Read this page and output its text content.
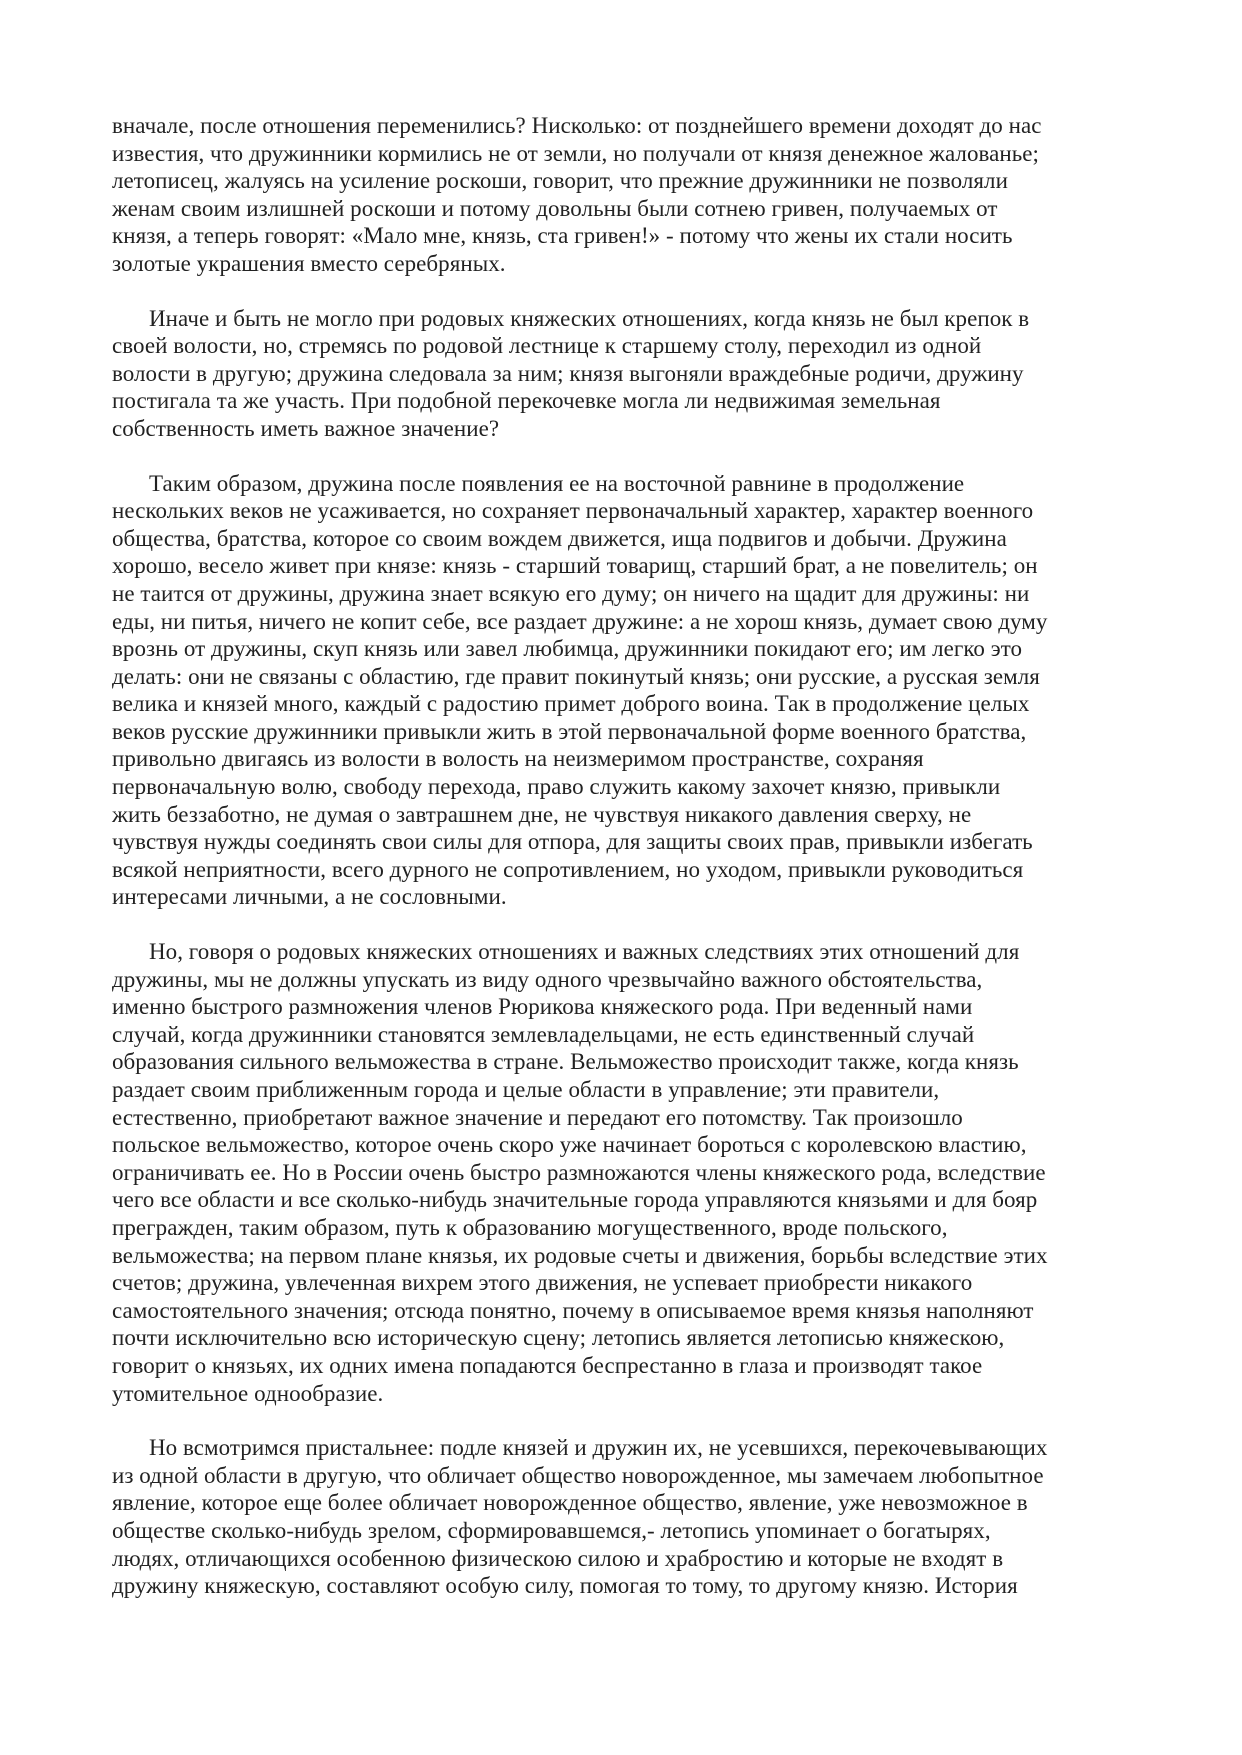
вначале, после отношения переменились? Нисколько: от позднейшего времени доходят до нас
известия, что дружинники кормились не от земли, но получали от князя денежное жалованье;
летописец, жалуясь на усиление роскоши, говорит, что прежние дружинники не позволяли
женам своим излишней роскоши и потому довольны были сотнею гривен, получаемых от
князя, а теперь говорят: «Мало мне, князь, ста гривен!» - потому что жены их стали носить
золотые украшения вместо серебряных.

Иначе и быть не могло при родовых княжеских отношениях, когда князь не был крепок в
своей волости, но, стремясь по родовой лестнице к старшему столу, переходил из одной
волости в другую; дружина следовала за ним; князя выгоняли враждебные родичи, дружину
постигала та же участь. При подобной перекочевке могла ли недвижимая земельная
собственность иметь важное значение?

Таким образом, дружина после появления ее на восточной равнине в продолжение
нескольких веков не усаживается, но сохраняет первоначальный характер, характер военного
общества, братства, которое со своим вождем движется, ища подвигов и добычи. Дружина
хорошо, весело живет при князе: князь - старший товарищ, старший брат, а не повелитель; он
не таится от дружины, дружина знает всякую его думу; он ничего на щадит для дружины: ни
еды, ни питья, ничего не копит себе, все раздает дружине: а не хорош князь, думает свою думу
врознь от дружины, скуп князь или завел любимца, дружинники покидают его; им легко это
делать: они не связаны с областию, где правит покинутый князь; они русские, а русская земля
велика и князей много, каждый с радостию примет доброго воина. Так в продолжение целых
веков русские дружинники привыкли жить в этой первоначальной форме военного братства,
привольно двигаясь из волости в волость на неизмеримом пространстве, сохраняя
первоначальную волю, свободу перехода, право служить какому захочет князю, привыкли
жить беззаботно, не думая о завтрашнем дне, не чувствуя никакого давления сверху, не
чувствуя нужды соединять свои силы для отпора, для защиты своих прав, привыкли избегать
всякой неприятности, всего дурного не сопротивлением, но уходом, привыкли руководиться
интересами личными, а не сословными.

Но, говоря о родовых княжеских отношениях и важных следствиях этих отношений для
дружины, мы не должны упускать из виду одного чрезвычайно важного обстоятельства,
именно быстрого размножения членов Рюрикова княжеского рода. При веденный нами
случай, когда дружинники становятся землевладельцами, не есть единственный случай
образования сильного вельможества в стране. Вельможество происходит также, когда князь
раздает своим приближенным города и целые области в управление; эти правители,
естественно, приобретают важное значение и передают его потомству. Так произошло
польское вельможество, которое очень скоро уже начинает бороться с королевскою властию,
ограничивать ее. Но в России очень быстро размножаются члены княжеского рода, вследствие
чего все области и все сколько-нибудь значительные города управляются князьями и для бояр
прегражден, таким образом, путь к образованию могущественного, вроде польского,
вельможества; на первом плане князья, их родовые счеты и движения, борьбы вследствие этих
счетов; дружина, увлеченная вихрем этого движения, не успевает приобрести никакого
самостоятельного значения; отсюда понятно, почему в описываемое время князья наполняют
почти исключительно всю историческую сцену; летопись является летописью княжескою,
говорит о князьях, их одних имена попадаются беспрестанно в глаза и производят такое
утомительное однообразие.

Но всмотримся пристальнее: подле князей и дружин их, не усевшихся, перекочевывающих
из одной области в другую, что обличает общество новорожденное, мы замечаем любопытное
явление, которое еще более обличает новорожденное общество, явление, уже невозможное в
обществе сколько-нибудь зрелом, сформировавшемся,- летопись упоминает о богатырях,
людях, отличающихся особенною физическою силою и храбростию и которые не входят в
дружину княжескую, составляют особую силу, помогая то тому, то другому князю. История
